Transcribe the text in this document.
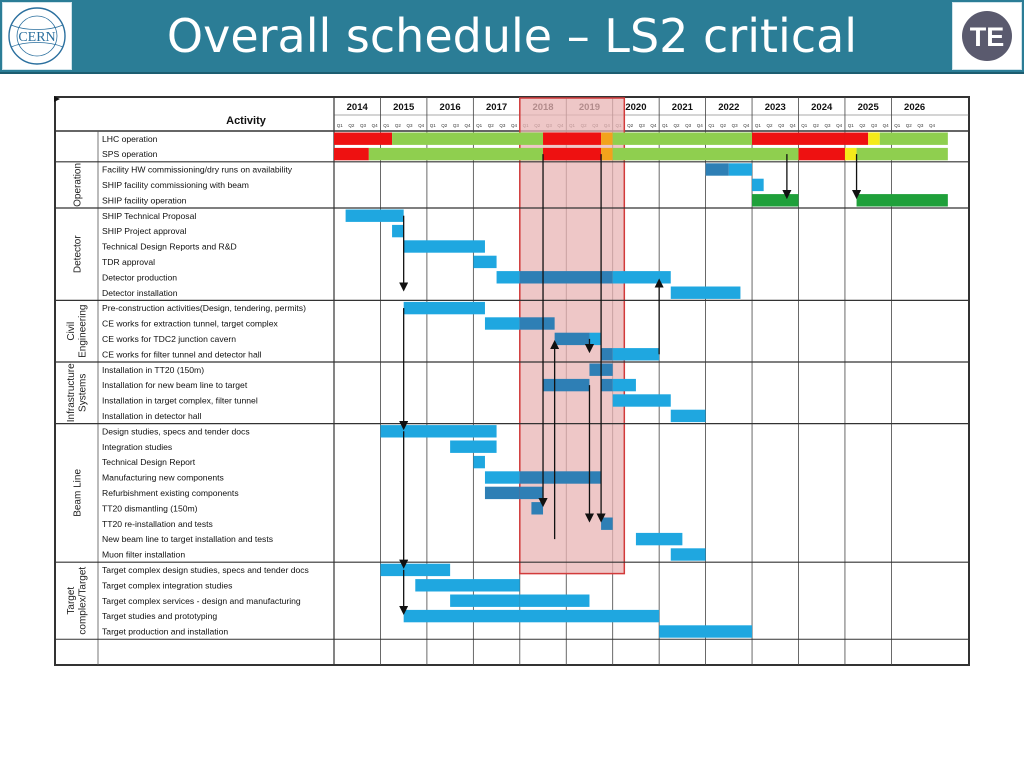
CERN	Overall schedule – LS2 critical	TE
Activity
2014
Q1 Q2 Q3 Q4
2015
Q1 Q2 Q3 Q4
2016
Q1 Q2 Q3 Q4
2017
Q1 Q2 Q3 Q4
2020
Q2 Q3 Q4
2021
Q1 Q2 Q3 Q4
2022
Q1 Q2 Q3 Q4
2023
Q1 Q2 Q3 Q4
2024
Q1 Q2 Q3 Q4
2025
Q1 Q2 Q3 Q4
2026
Q1 Q2 Q3 Q4
LHC operation
SPS operation
Operation Facility HW commissioning/dry runs on availability
SHIP facility commissioning with beam
SHIP facility operation
Detector
SHIP Technical Proposal
SHIP Project approval
Technical Design Reports and R&D
TDR approval
Detector production
Detector installation
CivilEngineering Pre-construction activities(Design, tendering, permits)
CE works for extraction tunnel, target complex
CE works for TDC2 junction cavern
CE works for filter tunnel and detector hall
InfrastructureSystems
Installation in TT20 (150m)
Installation for new beam line to target
Installation in target complex, filter tunnel
Installation in detector hall
Beam Line
Design studies, specs and tender docs
Integration studies
Technical Design Report
Manufacturing new components
Refurbishment existing components
TT20 dismantling (150m)
TT20 re-installation and tests
New beam line to target installation and tests
Muon filter installation
Targetcomplex/Target Target complex design studies, specs and tender docs
Target complex integration studies
Target complex services - design and manufacturing
Target studies and prototyping
Target production and installation
